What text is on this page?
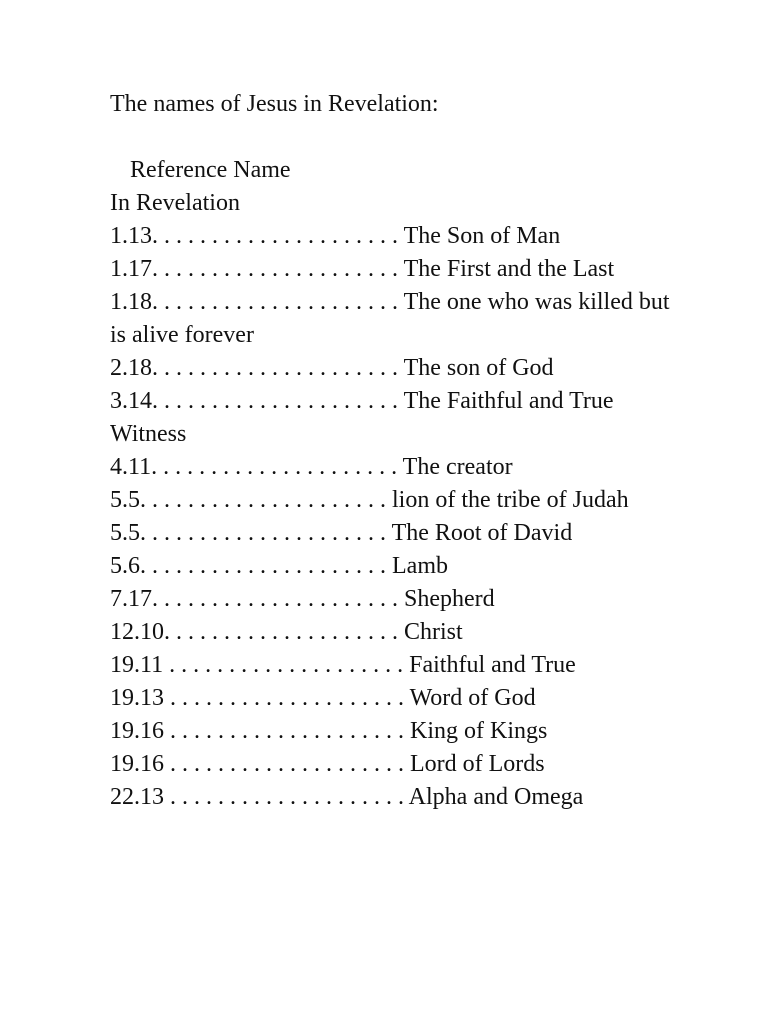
The names of Jesus in Revelation:
Reference Name
In Revelation
1.13. . . . . . . . . . . . . . . . . . . . . The Son of Man
1.17. . . . . . . . . . . . . . . . . . . . . The First and the Last
1.18. . . . . . . . . . . . . . . . . . . . . The one who was killed but is alive forever
2.18. . . . . . . . . . . . . . . . . . . . . The son of God
3.14. . . . . . . . . . . . . . . . . . . . . The Faithful and True Witness
4.11. . . . . . . . . . . . . . . . . . . . . The creator
5.5. . . . . . . . . . . . . . . . . . . . . lion of the tribe of Judah
5.5. . . . . . . . . . . . . . . . . . . . . The Root of David
5.6. . . . . . . . . . . . . . . . . . . . . Lamb
7.17. . . . . . . . . . . . . . . . . . . . . Shepherd
12.10. . . . . . . . . . . . . . . . . . . . Christ
19.11 . . . . . . . . . . . . . . . . . . . . Faithful and True
19.13 . . . . . . . . . . . . . . . . . . . . Word of God
19.16 . . . . . . . . . . . . . . . . . . . . King of Kings
19.16 . . . . . . . . . . . . . . . . . . . . Lord of Lords
22.13 . . . . . . . . . . . . . . . . . . . . Alpha and Omega
